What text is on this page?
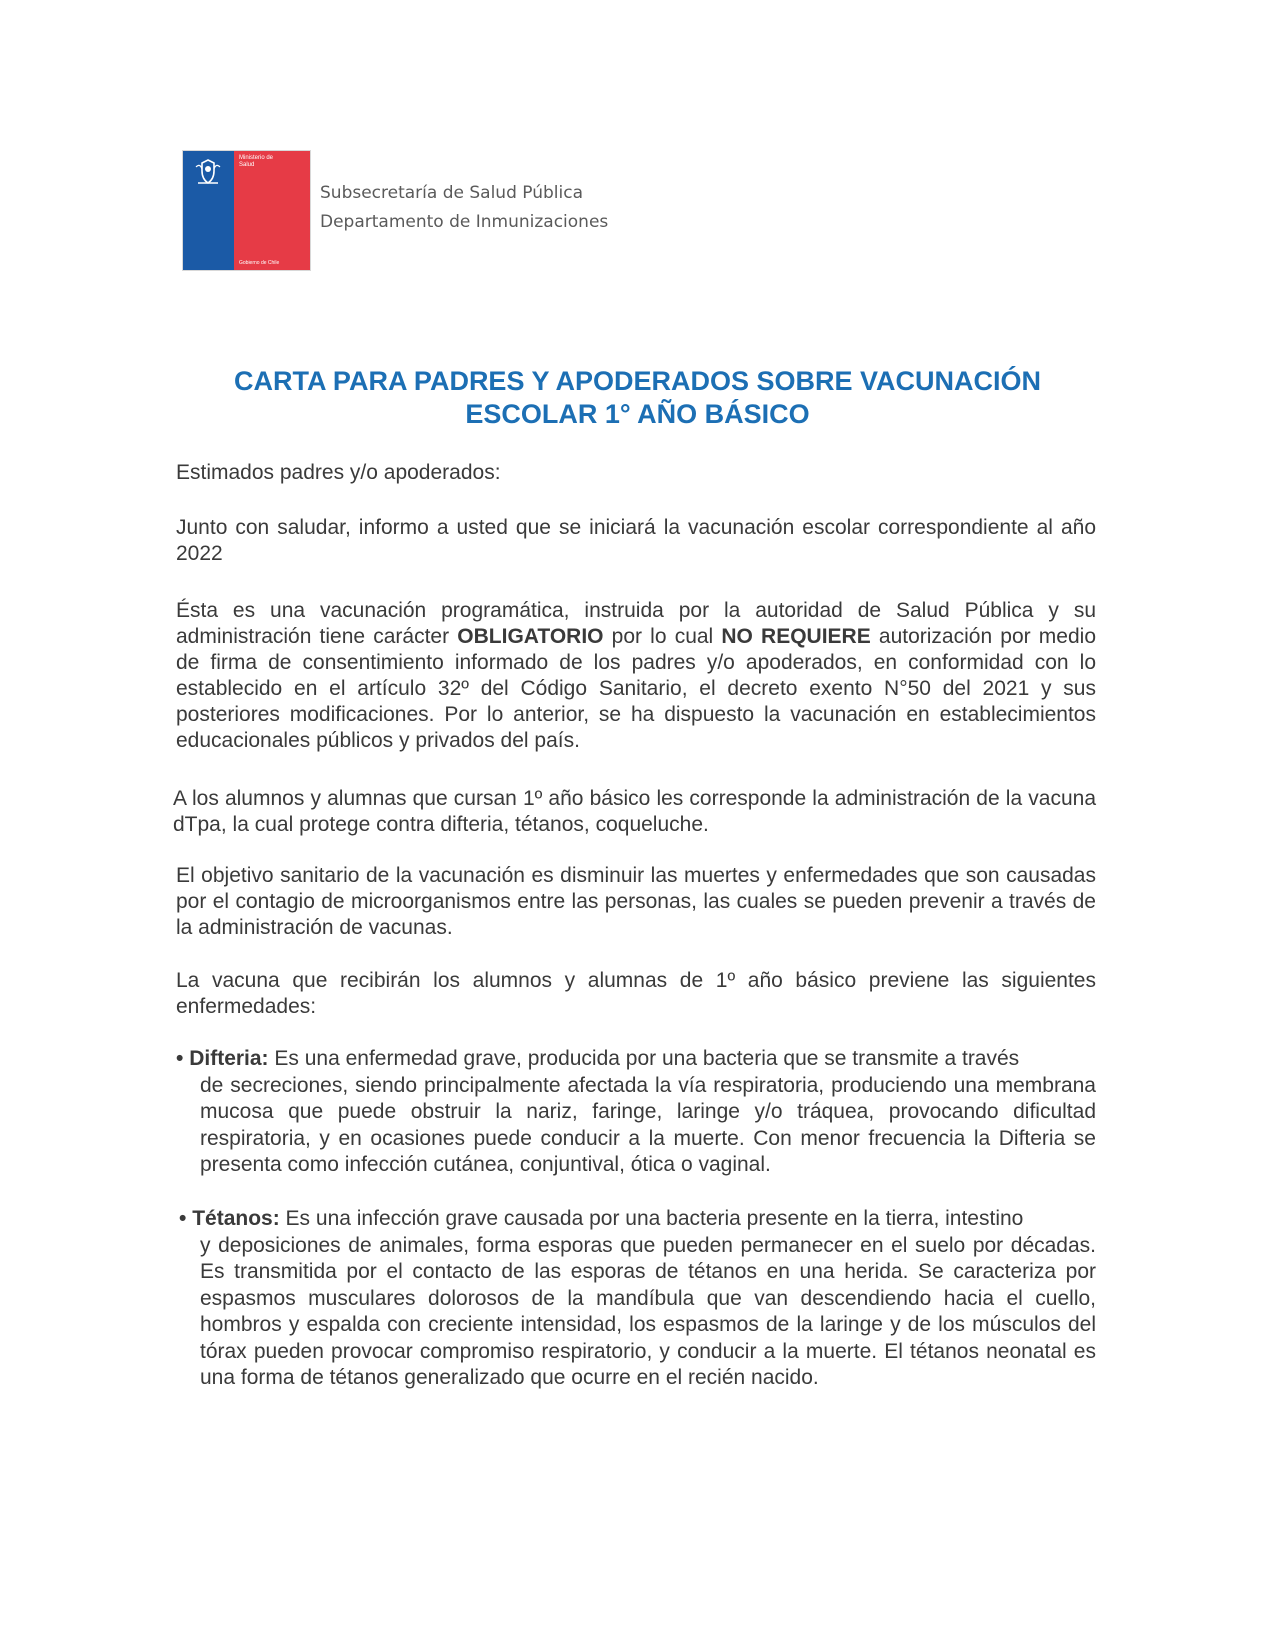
Ministerio de
Salud
Gobierno de Chile
Subsecretaría de Salud Pública
Departamento de Inmunizaciones
CARTA PARA PADRES Y APODERADOS SOBRE VACUNACIÓN
ESCOLAR 1° AÑO BÁSICO
Estimados padres y/o apoderados:
Junto con saludar, informo a usted que se iniciará la vacunación escolar correspondiente al año 2022
Ésta es una vacunación programática, instruida por la autoridad de Salud Pública y su administración tiene carácter OBLIGATORIO por lo cual NO REQUIERE autorización por medio de firma de consentimiento informado de los padres y/o apoderados, en conformidad con lo establecido en el artículo 32º del Código Sanitario, el decreto exento N°50 del 2021 y sus posteriores modificaciones. Por lo anterior, se ha dispuesto la vacunación en establecimientos educacionales públicos y privados del país.
A los alumnos y alumnas que cursan 1º año básico les corresponde la administración de la vacuna dTpa, la cual protege contra difteria, tétanos, coqueluche.
El objetivo sanitario de la vacunación es disminuir las muertes y enfermedades que son causadas por el contagio de microorganismos entre las personas, las cuales se pueden prevenir a través de la administración de vacunas.
La vacuna que recibirán los alumnos y alumnas de 1º año básico previene las siguientes enfermedades:
• Difteria: Es una enfermedad grave, producida por una bacteria que se transmite a través
de secreciones, siendo principalmente afectada la vía respiratoria, produciendo una membrana mucosa que puede obstruir la nariz, faringe, laringe y/o tráquea, provocando dificultad respiratoria, y en ocasiones puede conducir a la muerte. Con menor frecuencia la Difteria se presenta como infección cutánea, conjuntival, ótica o vaginal.
• Tétanos: Es una infección grave causada por una bacteria presente en la tierra, intestino
y deposiciones de animales, forma esporas que pueden permanecer en el suelo por décadas. Es transmitida por el contacto de las esporas de tétanos en una herida. Se caracteriza por espasmos musculares dolorosos de la mandíbula que van descendiendo hacia el cuello, hombros y espalda con creciente intensidad, los espasmos de la laringe y de los músculos del tórax pueden provocar compromiso respiratorio, y conducir a la muerte. El tétanos neonatal es una forma de tétanos generalizado que ocurre en el recién nacido.
